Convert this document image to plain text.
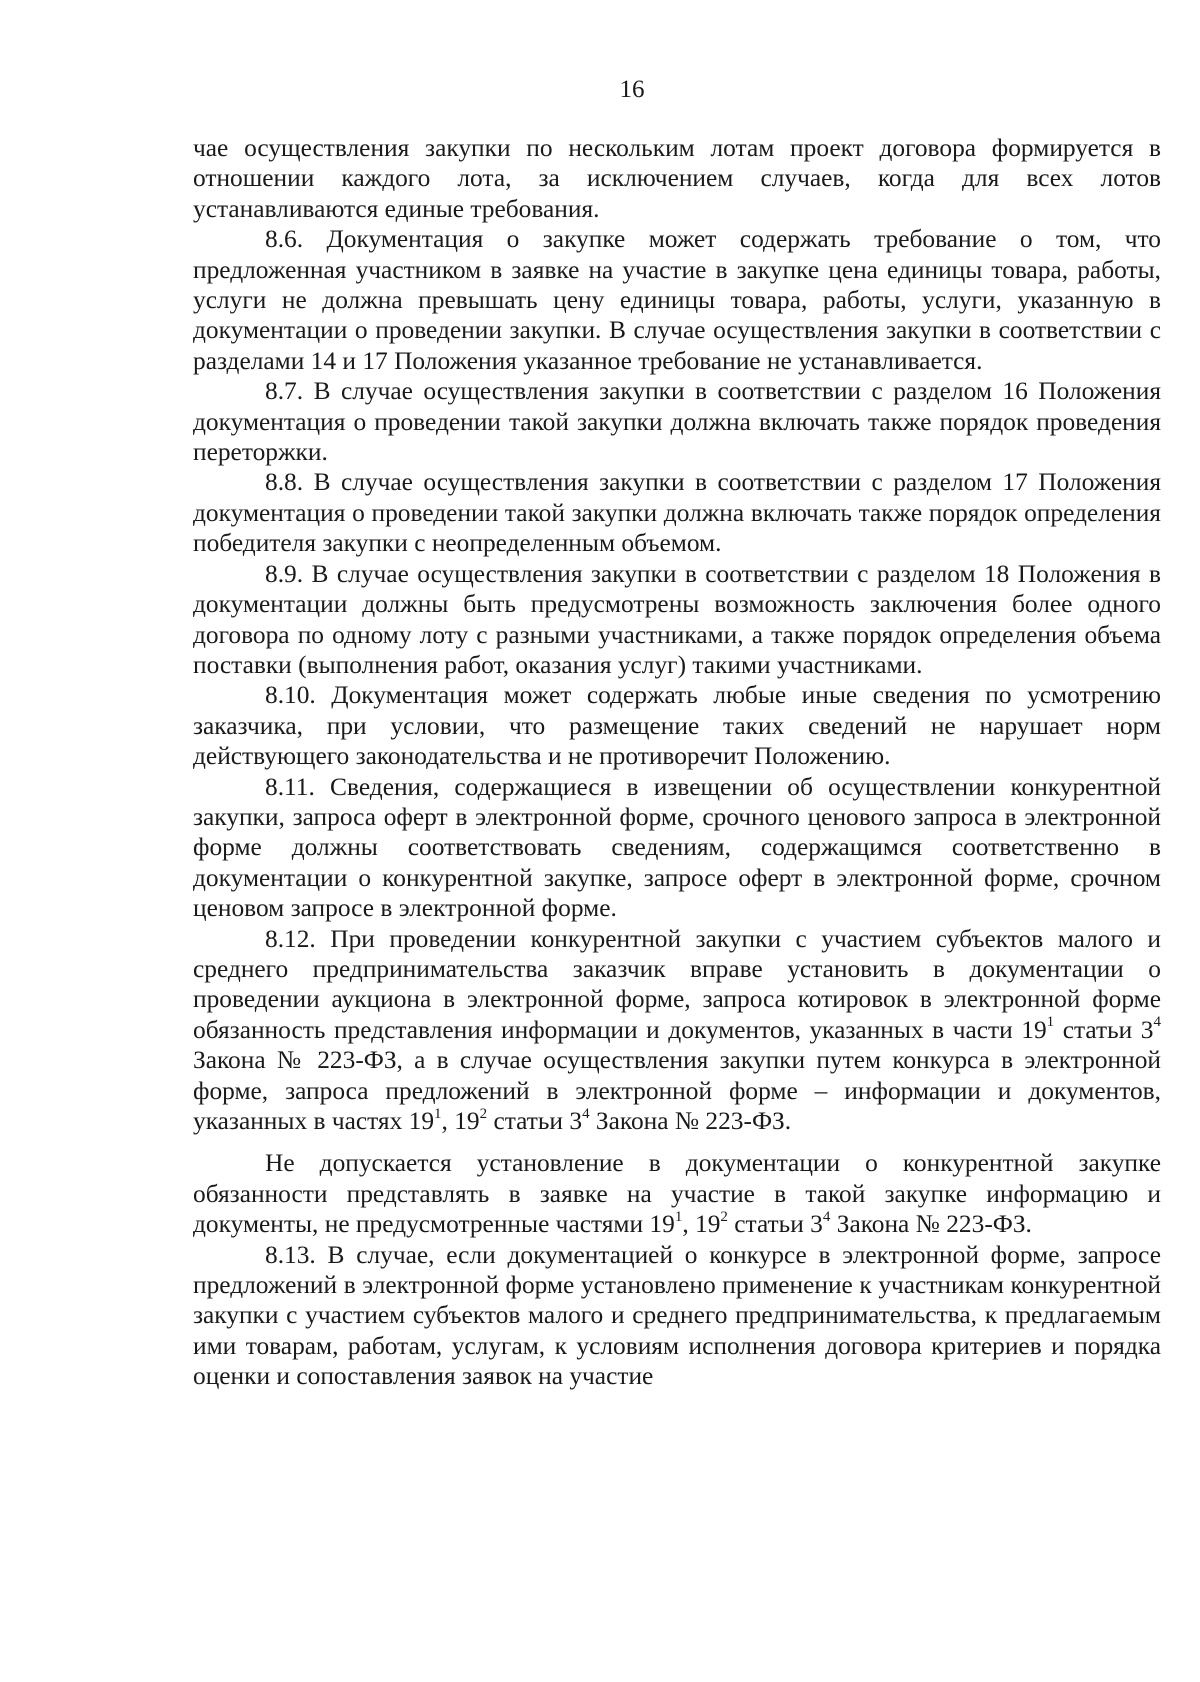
16

чае осуществления закупки по нескольким лотам проект договора формируется в отношении каждого лота, за исключением случаев, когда для всех лотов устанавливаются единые требования.

8.6. Документация о закупке может содержать требование о том, что предложенная участником в заявке на участие в закупке цена единицы товара, работы, услуги не должна превышать цену единицы товара, работы, услуги, указанную в документации о проведении закупки. В случае осуществления закупки в соответствии с разделами 14 и 17 Положения указанное требование не устанавливается.

8.7. В случае осуществления закупки в соответствии с разделом 16 Положения документация о проведении такой закупки должна включать также порядок проведения переторжки.

8.8. В случае осуществления закупки в соответствии с разделом 17 Положения документация о проведении такой закупки должна включать также порядок определения победителя закупки с неопределенным объемом.

8.9. В случае осуществления закупки в соответствии с разделом 18 Положения в документации должны быть предусмотрены возможность заключения более одного договора по одному лоту с разными участниками, а также порядок определения объема поставки (выполнения работ, оказания услуг) такими участниками.

8.10. Документация может содержать любые иные сведения по усмотрению заказчика, при условии, что размещение таких сведений не нарушает норм действующего законодательства и не противоречит Положению.

8.11. Сведения, содержащиеся в извещении об осуществлении конкурентной закупки, запроса оферт в электронной форме, срочного ценового запроса в электронной форме должны соответствовать сведениям, содержащимся соответственно в документации о конкурентной закупке, запросе оферт в электронной форме, срочном ценовом запросе в электронной форме.

8.12. При проведении конкурентной закупки с участием субъектов малого и среднего предпринимательства заказчик вправе установить в документации о проведении аукциона в электронной форме, запроса котировок в электронной форме обязанность представления информации и документов, указанных в части $19^1$ статьи $3^4$ Закона № 223-ФЗ, а в случае осуществления закупки путем конкурса в электронной форме, запроса предложений в электронной форме – информации и документов, указанных в частях $19^1$, $19^2$ статьи $3^4$ Закона № 223-ФЗ.

Не допускается установление в документации о конкурентной закупке обязанности представлять в заявке на участие в такой закупке информацию и документы, не предусмотренные частями $19^1$, $19^2$ статьи $3^4$ Закона № 223-ФЗ.

8.13. В случае, если документацией о конкурсе в электронной форме, запросе предложений в электронной форме установлено применение к участникам конкурентной закупки с участием субъектов малого и среднего предпринимательства, к предлагаемым ими товарам, работам, услугам, к условиям исполнения договора критериев и порядка оценки и сопоставления заявок на участие
